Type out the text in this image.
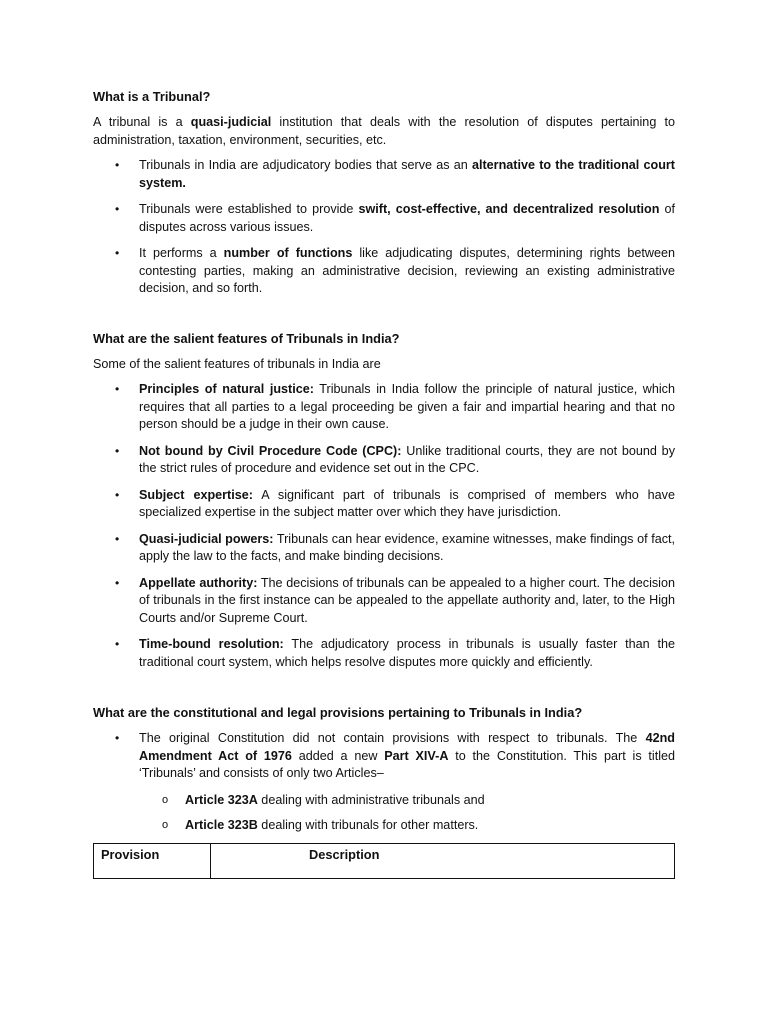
What is a Tribunal?

A tribunal is a quasi-judicial institution that deals with the resolution of disputes pertaining to administration, taxation, environment, securities, etc.

• Tribunals in India are adjudicatory bodies that serve as an alternative to the traditional court system.
• Tribunals were established to provide swift, cost-effective, and decentralized resolution of disputes across various issues.
• It performs a number of functions like adjudicating disputes, determining rights between contesting parties, making an administrative decision, reviewing an existing administrative decision, and so forth.
What are the salient features of Tribunals in India?

Some of the salient features of tribunals in India are

• Principles of natural justice: Tribunals in India follow the principle of natural justice, which requires that all parties to a legal proceeding be given a fair and impartial hearing and that no person should be a judge in their own cause.
• Not bound by Civil Procedure Code (CPC): Unlike traditional courts, they are not bound by the strict rules of procedure and evidence set out in the CPC.
• Subject expertise: A significant part of tribunals is comprised of members who have specialized expertise in the subject matter over which they have jurisdiction.
• Quasi-judicial powers: Tribunals can hear evidence, examine witnesses, make findings of fact, apply the law to the facts, and make binding decisions.
• Appellate authority: The decisions of tribunals can be appealed to a higher court. The decision of tribunals in the first instance can be appealed to the appellate authority and, later, to the High Courts and/or Supreme Court.
• Time-bound resolution: The adjudicatory process in tribunals is usually faster than the traditional court system, which helps resolve disputes more quickly and efficiently.
What are the constitutional and legal provisions pertaining to Tribunals in India?
• The original Constitution did not contain provisions with respect to tribunals. The 42nd Amendment Act of 1976 added a new Part XIV-A to the Constitution. This part is titled ‘Tribunals’ and consists of only two Articles–
o Article 323A dealing with administrative tribunals and
o Article 323B dealing with tribunals for other matters.
Provision	Description
